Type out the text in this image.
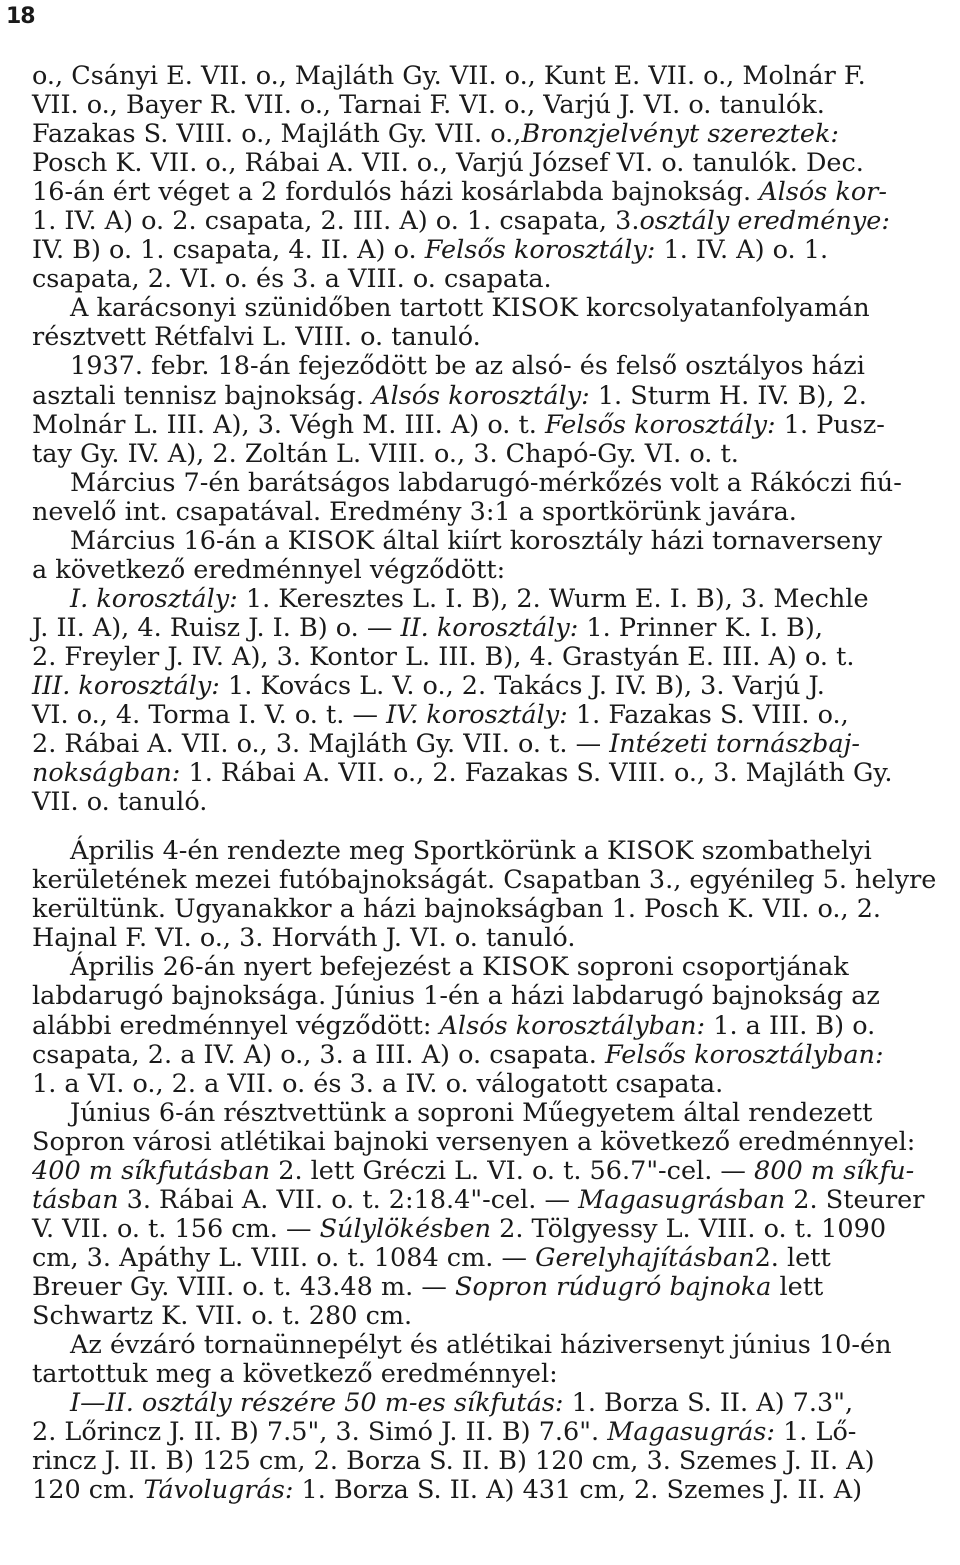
18
o., Csányi E. VII. o., Majláth Gy. VII. o., Kunt E. VII. o., Molnár F.
VII. o., Bayer R. VII. o., Tarnai F. VI. o., Varjú J. VI. o. tanulók.
Fazakas S. VIII. o., Majláth Gy. VII. o.,Bronzjelvényt szereztek:
Posch K. VII. o., Rábai A. VII. o., Varjú József VI. o. tanulók. Dec.
16-án ért véget a 2 fordulós házi kosárlabda bajnokság. Alsós kor-
1. IV. A) o. 2. csapata, 2. III. A) o. 1. csapata, 3.osztály eredménye:
IV. B) o. 1. csapata, 4. II. A) o. Felsős korosztály: 1. IV. A) o. 1.
csapata, 2. VI. o. és 3. a VIII. o. csapata.
A karácsonyi szünidőben tartott KISOK korcsolyatanfolyamán
résztvett Rétfalvi L. VIII. o. tanuló.
1937. febr. 18-án fejeződött be az alsó- és felső osztályos házi
asztali tennisz bajnokság. Alsós korosztály: 1. Sturm H. IV. B), 2.
Molnár L. III. A), 3. Végh M. III. A) o. t. Felsős korosztály: 1. Pusz-
tay Gy. IV. A), 2. Zoltán L. VIII. o., 3. Chapó-Gy. VI. o. t.
Március 7-én barátságos labdarugó-mérkőzés volt a Rákóczi fiú-
nevelő int. csapatával. Eredmény 3:1 a sportkörünk javára.
Március 16-án a KISOK által kiírt korosztály házi tornaverseny
a következő eredménnyel végződött:
I. korosztály: 1. Keresztes L. I. B), 2. Wurm E. I. B), 3. Mechle
J. II. A), 4. Ruisz J. I. B) o. — II. korosztály: 1. Prinner K. I. B),
2. Freyler J. IV. A), 3. Kontor L. III. B), 4. Grastyán E. III. A) o. t.
III. korosztály: 1. Kovács L. V. o., 2. Takács J. IV. B), 3. Varjú J.
VI. o., 4. Torma I. V. o. t. — IV. korosztály: 1. Fazakas S. VIII. o.,
2. Rábai A. VII. o., 3. Majláth Gy. VII. o. t. — Intézeti tornászbaj-
nokságban: 1. Rábai A. VII. o., 2. Fazakas S. VIII. o., 3. Majláth Gy.
VII. o. tanuló.
Április 4-én rendezte meg Sportkörünk a KISOK szombathelyi
kerületének mezei futóbajnokságát. Csapatban 3., egyénileg 5. helyre
kerültünk. Ugyanakkor a házi bajnokságban 1. Posch K. VII. o., 2.
Hajnal F. VI. o., 3. Horváth J. VI. o. tanuló.
Április 26-án nyert befejezést a KISOK soproni csoportjának
labdarugó bajnoksága. Június 1-én a házi labdarugó bajnokság az
alábbi eredménnyel végződött: Alsós korosztályban: 1. a III. B) o.
csapata, 2. a IV. A) o., 3. a III. A) o. csapata. Felsős korosztályban:
1. a VI. o., 2. a VII. o. és 3. a IV. o. válogatott csapata.
Június 6-án résztvettünk a soproni Műegyetem által rendezett
Sopron városi atlétikai bajnoki versenyen a következő eredménnyel:
400 m síkfutásban 2. lett Gréczi L. VI. o. t. 56.7"-cel. — 800 m síkfu-
tásban 3. Rábai A. VII. o. t. 2:18.4"-cel. — Magasugrásban 2. Steurer
V. VII. o. t. 156 cm. — Súlylökésben 2. Tölgyessy L. VIII. o. t. 1090
cm, 3. Apáthy L. VIII. o. t. 1084 cm. — Gerelyhajításban2. lett
Breuer Gy. VIII. o. t. 43.48 m. — Sopron rúdugró bajnoka lett
Schwartz K. VII. o. t. 280 cm.
Az évzáró tornaünnepélyt és atlétikai háziversenyt június 10-én
tartottuk meg a következő eredménnyel:
I—II. osztály részére 50 m-es síkfutás: 1. Borza S. II. A) 7.3",
2. Lőrincz J. II. B) 7.5", 3. Simó J. II. B) 7.6". Magasugrás: 1. Lő-
rincz J. II. B) 125 cm, 2. Borza S. II. B) 120 cm, 3. Szemes J. II. A)
120 cm. Távolugrás: 1. Borza S. II. A) 431 cm, 2. Szemes J. II. A)
